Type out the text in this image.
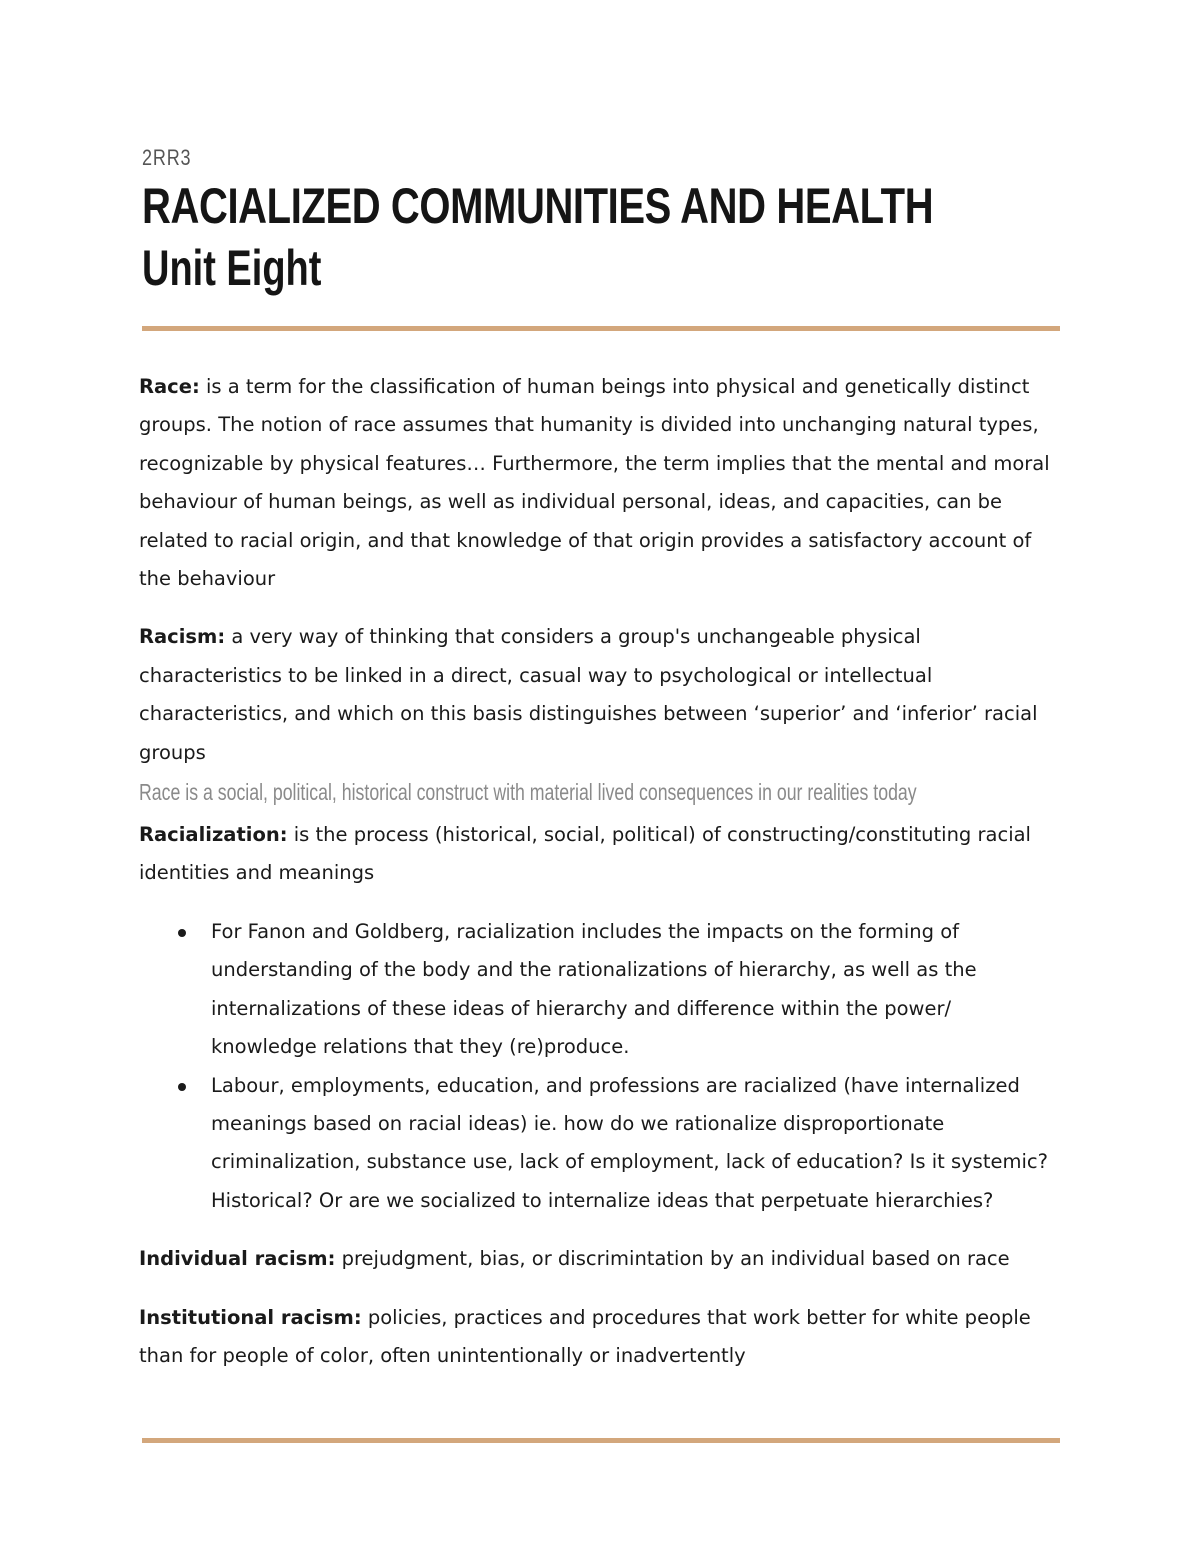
2RR3
RACIALIZED COMMUNITIES AND HEALTH
Unit Eight

Race: is a term for the classification of human beings into physical and genetically distinct groups. The notion of race assumes that humanity is divided into unchanging natural types, recognizable by physical features… Furthermore, the term implies that the mental and moral behaviour of human beings, as well as individual personal, ideas, and capacities, can be related to racial origin, and that knowledge of that origin provides a satisfactory account of the behaviour

Racism: a very way of thinking that considers a group's unchangeable physical characteristics to be linked in a direct, casual way to psychological or intellectual characteristics, and which on this basis distinguishes between ‘superior’ and ‘inferior’ racial groups

Race is a social, political, historical construct with material lived consequences in our realities today

Racialization: is the process (historical, social, political) of constructing/constituting racial identities and meanings

For Fanon and Goldberg, racialization includes the impacts on the forming of understanding of the body and the rationalizations of hierarchy, as well as the internalizations of these ideas of hierarchy and difference within the power/ knowledge relations that they (re)produce.
Labour, employments, education, and professions are racialized (have internalized meanings based on racial ideas) ie. how do we rationalize disproportionate criminalization, substance use, lack of employment, lack of education? Is it systemic? Historical? Or are we socialized to internalize ideas that perpetuate hierarchies?

Individual racism: prejudgment, bias, or discrimintation by an individual based on race

Institutional racism: policies, practices and procedures that work better for white people than for people of color, often unintentionally or inadvertently
